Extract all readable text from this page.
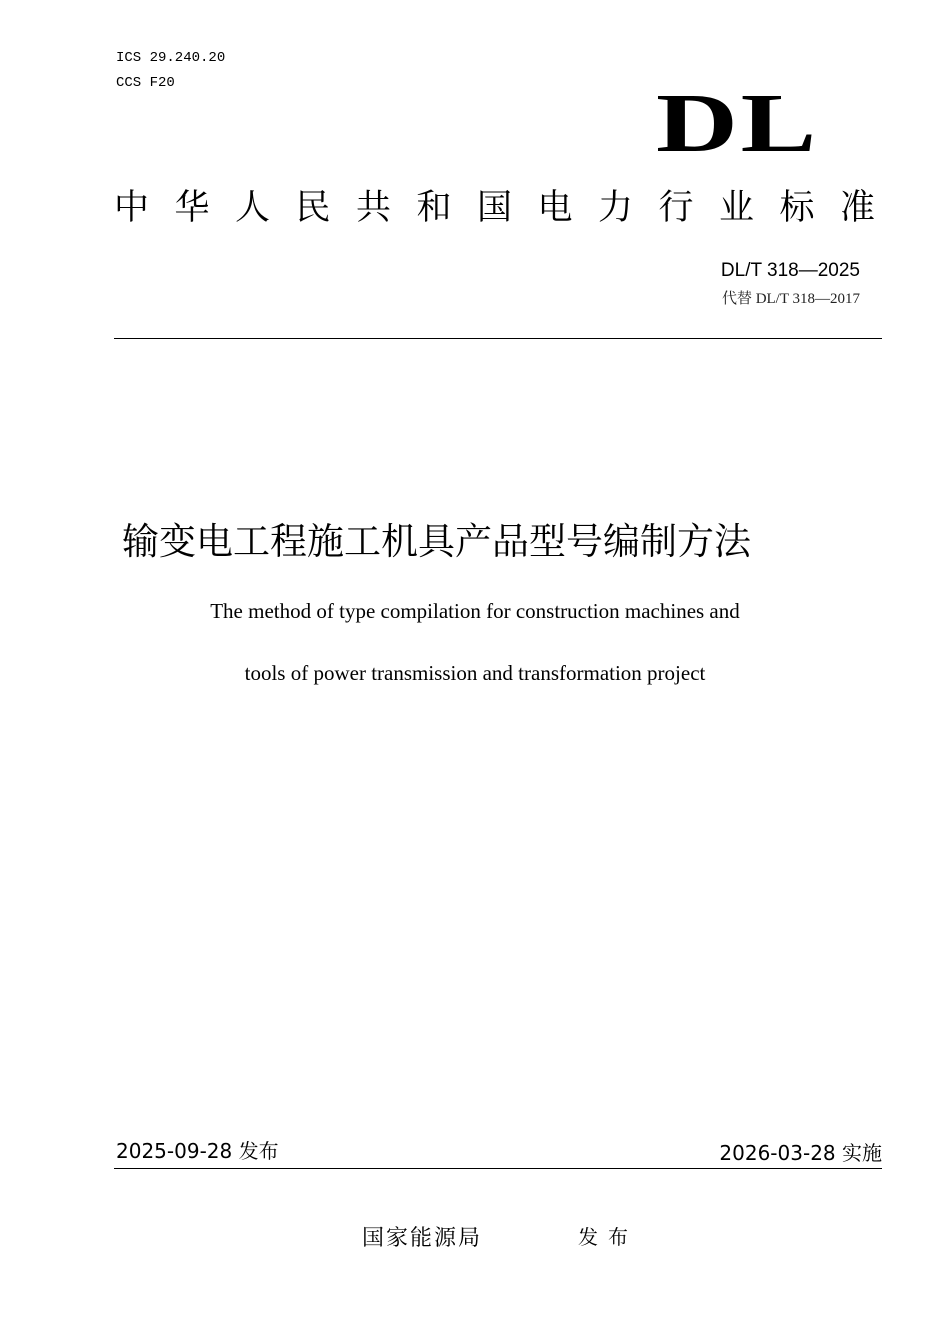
ICS 29.240.20
CCS F20	DL
中华人民共和国电力行业标准
DL/T 318—2025
代替 DL/T 318—2017
输变电工程施工机具产品型号编制方法
The method of type compilation for construction machines and
tools of power transmission and transformation project
2025-09-28 发布	2026-03-28 实施
国家能源局	发布
